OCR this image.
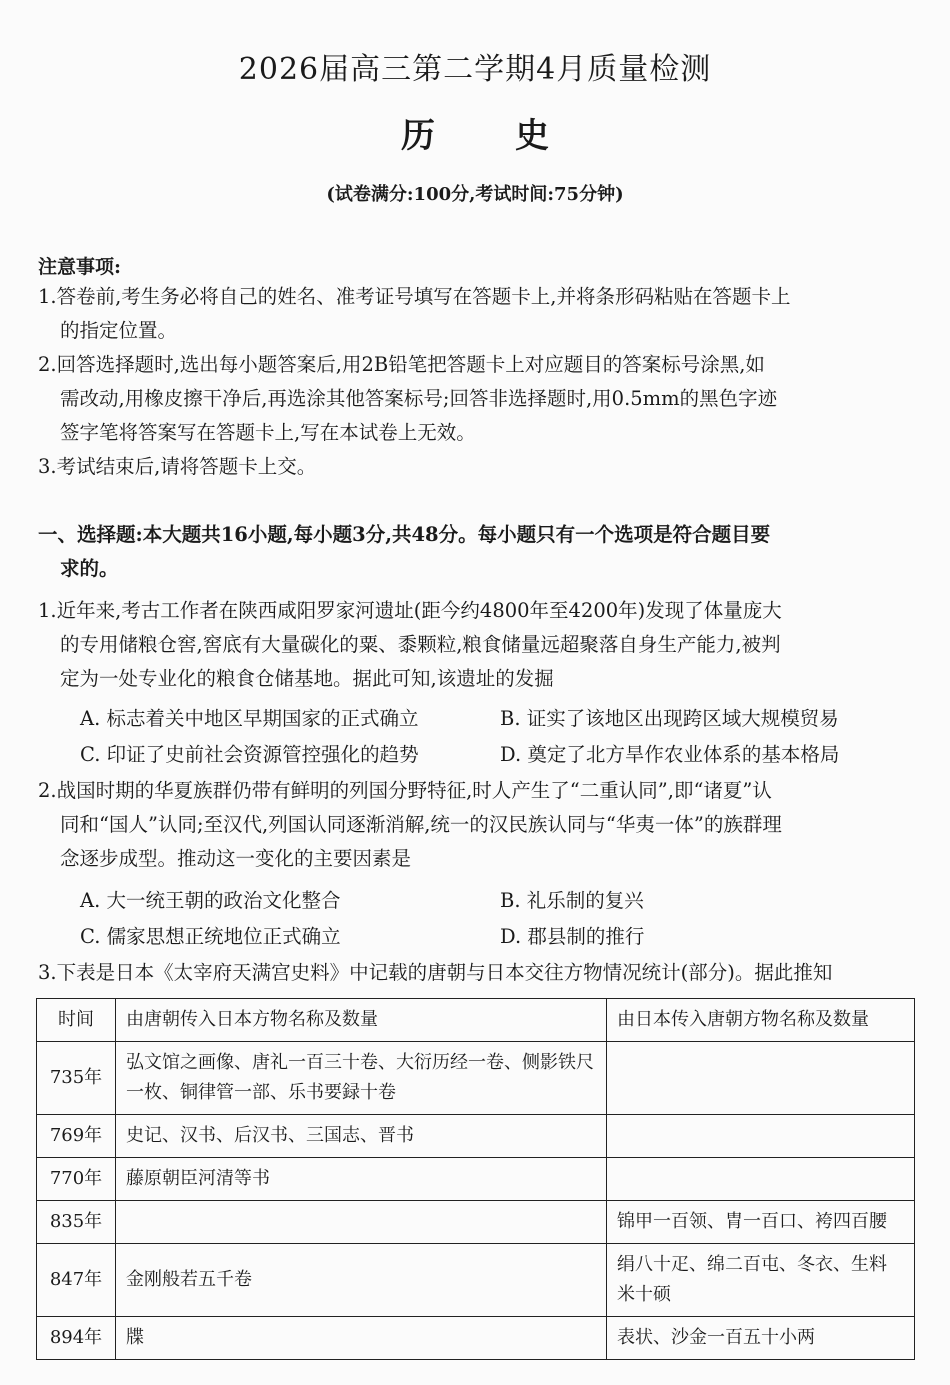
2026届高三第二学期4月质量检测
历史
(试卷满分:100分,考试时间:75分钟)
注意事项:
1.答卷前,考生务必将自己的姓名、准考证号填写在答题卡上,并将条形码粘贴在答题卡上
的指定位置。
2.回答选择题时,选出每小题答案后,用2B铅笔把答题卡上对应题目的答案标号涂黑,如
需改动,用橡皮擦干净后,再选涂其他答案标号;回答非选择题时,用0.5mm的黑色字迹
签字笔将答案写在答题卡上,写在本试卷上无效。
3.考试结束后,请将答题卡上交。
一、选择题:本大题共16小题,每小题3分,共48分。每小题只有一个选项是符合题目要
求的。
1.近年来,考古工作者在陕西咸阳罗家河遗址(距今约4800年至4200年)发现了体量庞大
的专用储粮仓窖,窖底有大量碳化的粟、黍颗粒,粮食储量远超聚落自身生产能力,被判
定为一处专业化的粮食仓储基地。据此可知,该遗址的发掘
A. 标志着关中地区早期国家的正式确立	B. 证实了该地区出现跨区域大规模贸易
C. 印证了史前社会资源管控强化的趋势	D. 奠定了北方旱作农业体系的基本格局
2.战国时期的华夏族群仍带有鲜明的列国分野特征,时人产生了“二重认同”,即“诸夏”认
同和“国人”认同;至汉代,列国认同逐渐消解,统一的汉民族认同与“华夷一体”的族群理
念逐步成型。推动这一变化的主要因素是
A. 大一统王朝的政治文化整合	B. 礼乐制的复兴
C. 儒家思想正统地位正式确立	D. 郡县制的推行
3.下表是日本《太宰府天满宫史料》中记载的唐朝与日本交往方物情况统计(部分)。据此推知
时间	由唐朝传入日本方物名称及数量	由日本传入唐朝方物名称及数量
735年	弘文馆之画像、唐礼一百三十卷、大衍历经一卷、侧影铁尺一枚、铜律管一部、乐书要録十卷	
769年	史记、汉书、后汉书、三国志、晋书	
770年	藤原朝臣河清等书	
835年		锦甲一百领、胄一百口、袴四百腰
847年	金刚般若五千卷	绢八十疋、绵二百屯、冬衣、生料米十硕
894年	牒	表状、沙金一百五十小两
